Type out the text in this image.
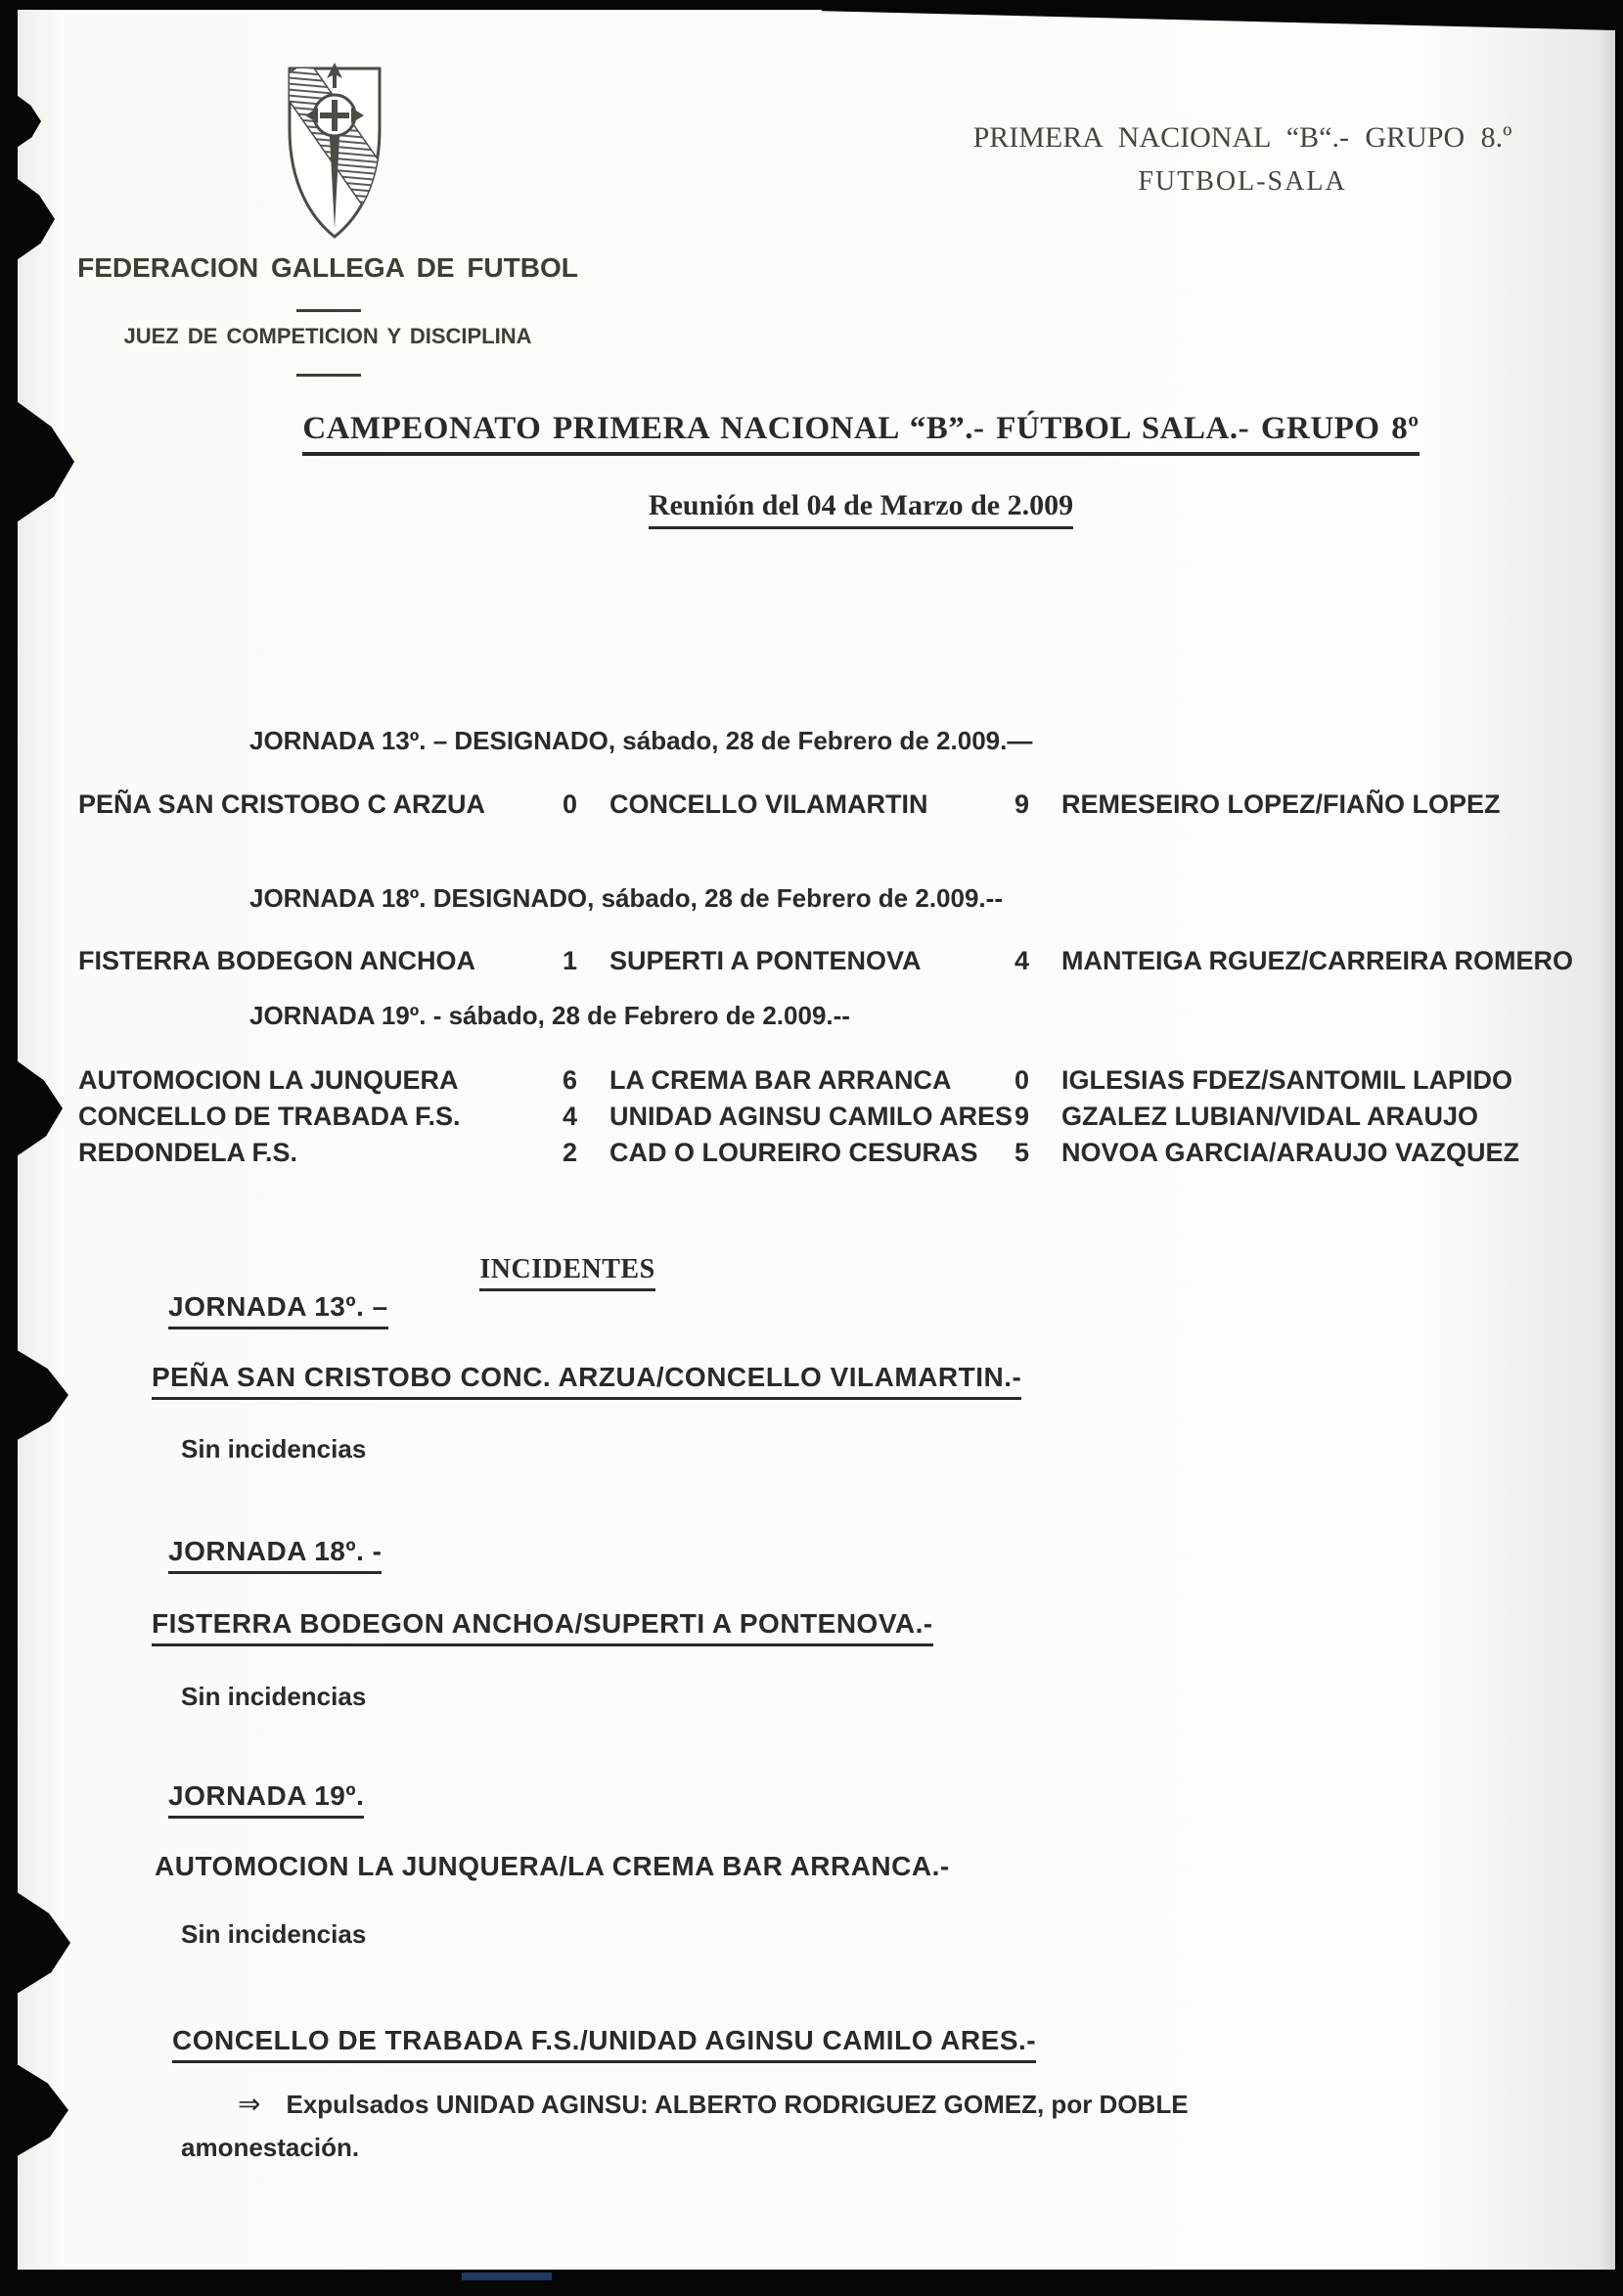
FEDERACION GALLEGA DE FUTBOL
JUEZ DE COMPETICION Y DISCIPLINA
PRIMERA NACIONAL “B“.- GRUPO 8.º
FUTBOL-SALA
CAMPEONATO PRIMERA NACIONAL “B”.- FÚTBOL SALA.- GRUPO 8º
Reunión del 04 de Marzo de 2.009
JORNADA 13º. – DESIGNADO, sábado, 28 de Febrero de 2.009.—
PEÑA SAN CRISTOBO C ARZUA	0	CONCELLO VILAMARTIN	9	REMESEIRO LOPEZ/FIAÑO LOPEZ
JORNADA 18º. DESIGNADO, sábado, 28 de Febrero de 2.009.--
FISTERRA BODEGON ANCHOA	1	SUPERTI A PONTENOVA	4	MANTEIGA RGUEZ/CARREIRA ROMERO
JORNADA 19º. - sábado, 28 de Febrero de 2.009.--
AUTOMOCION LA JUNQUERA	6	LA CREMA BAR ARRANCA	0	IGLESIAS FDEZ/SANTOMIL LAPIDO
CONCELLO DE TRABADA F.S.	4	UNIDAD AGINSU CAMILO ARES 9	GZALEZ LUBIAN/VIDAL ARAUJO
REDONDELA F.S.	2	CAD O LOUREIRO CESURAS	5	NOVOA GARCIA/ARAUJO VAZQUEZ
INCIDENTES
JORNADA 13º. –
PEÑA SAN CRISTOBO CONC. ARZUA/CONCELLO VILAMARTIN.-
Sin incidencias
JORNADA 18º. -
FISTERRA BODEGON ANCHOA/SUPERTI A PONTENOVA.-
Sin incidencias
JORNADA 19º.
AUTOMOCION LA JUNQUERA/LA CREMA BAR ARRANCA.-
Sin incidencias
CONCELLO DE TRABADA F.S./UNIDAD AGINSU CAMILO ARES.-
⇒ Expulsados UNIDAD AGINSU: ALBERTO RODRIGUEZ GOMEZ, por DOBLE
amonestación.
